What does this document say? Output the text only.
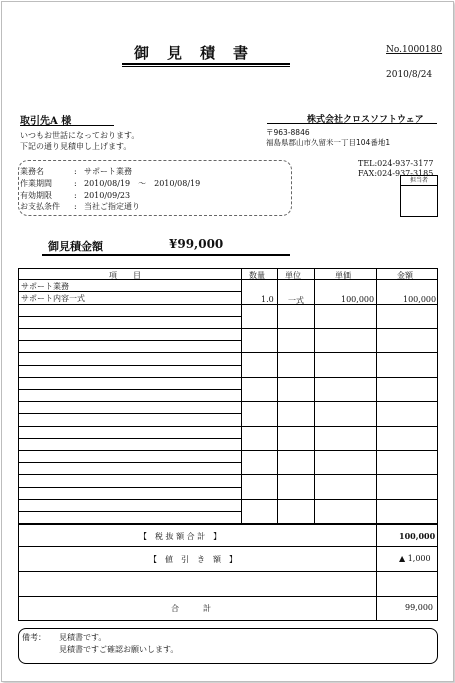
御見積書	No.1000180
2010/8/24
取引先A 様
いつもお世話になっております。
下記の通り見積申し上げます。
株式会社クロスソフトウェア
〒963-8846
福島県郡山市久留米一丁目104番地1
TEL:024-937-3177
FAX:024-937-3185
担当者
業務名	: サポート業務
作業期間	: 2010/08/19　～　2010/08/19
有効期限	: 2010/09/23
お支払条件 : 当社ご指定通り
御見積金額	¥99,000
項　　目	数量	単位	単価	金額
サポート業務
サポート内容一式	1.0 一式	100,000	100,000
【　税 抜 額 合 計　】	100,000
【　値　引　き　額　】	▲ 1,000
合　　　計	99,000
備考： 見積書です。
見積書ですご確認お願いします。
